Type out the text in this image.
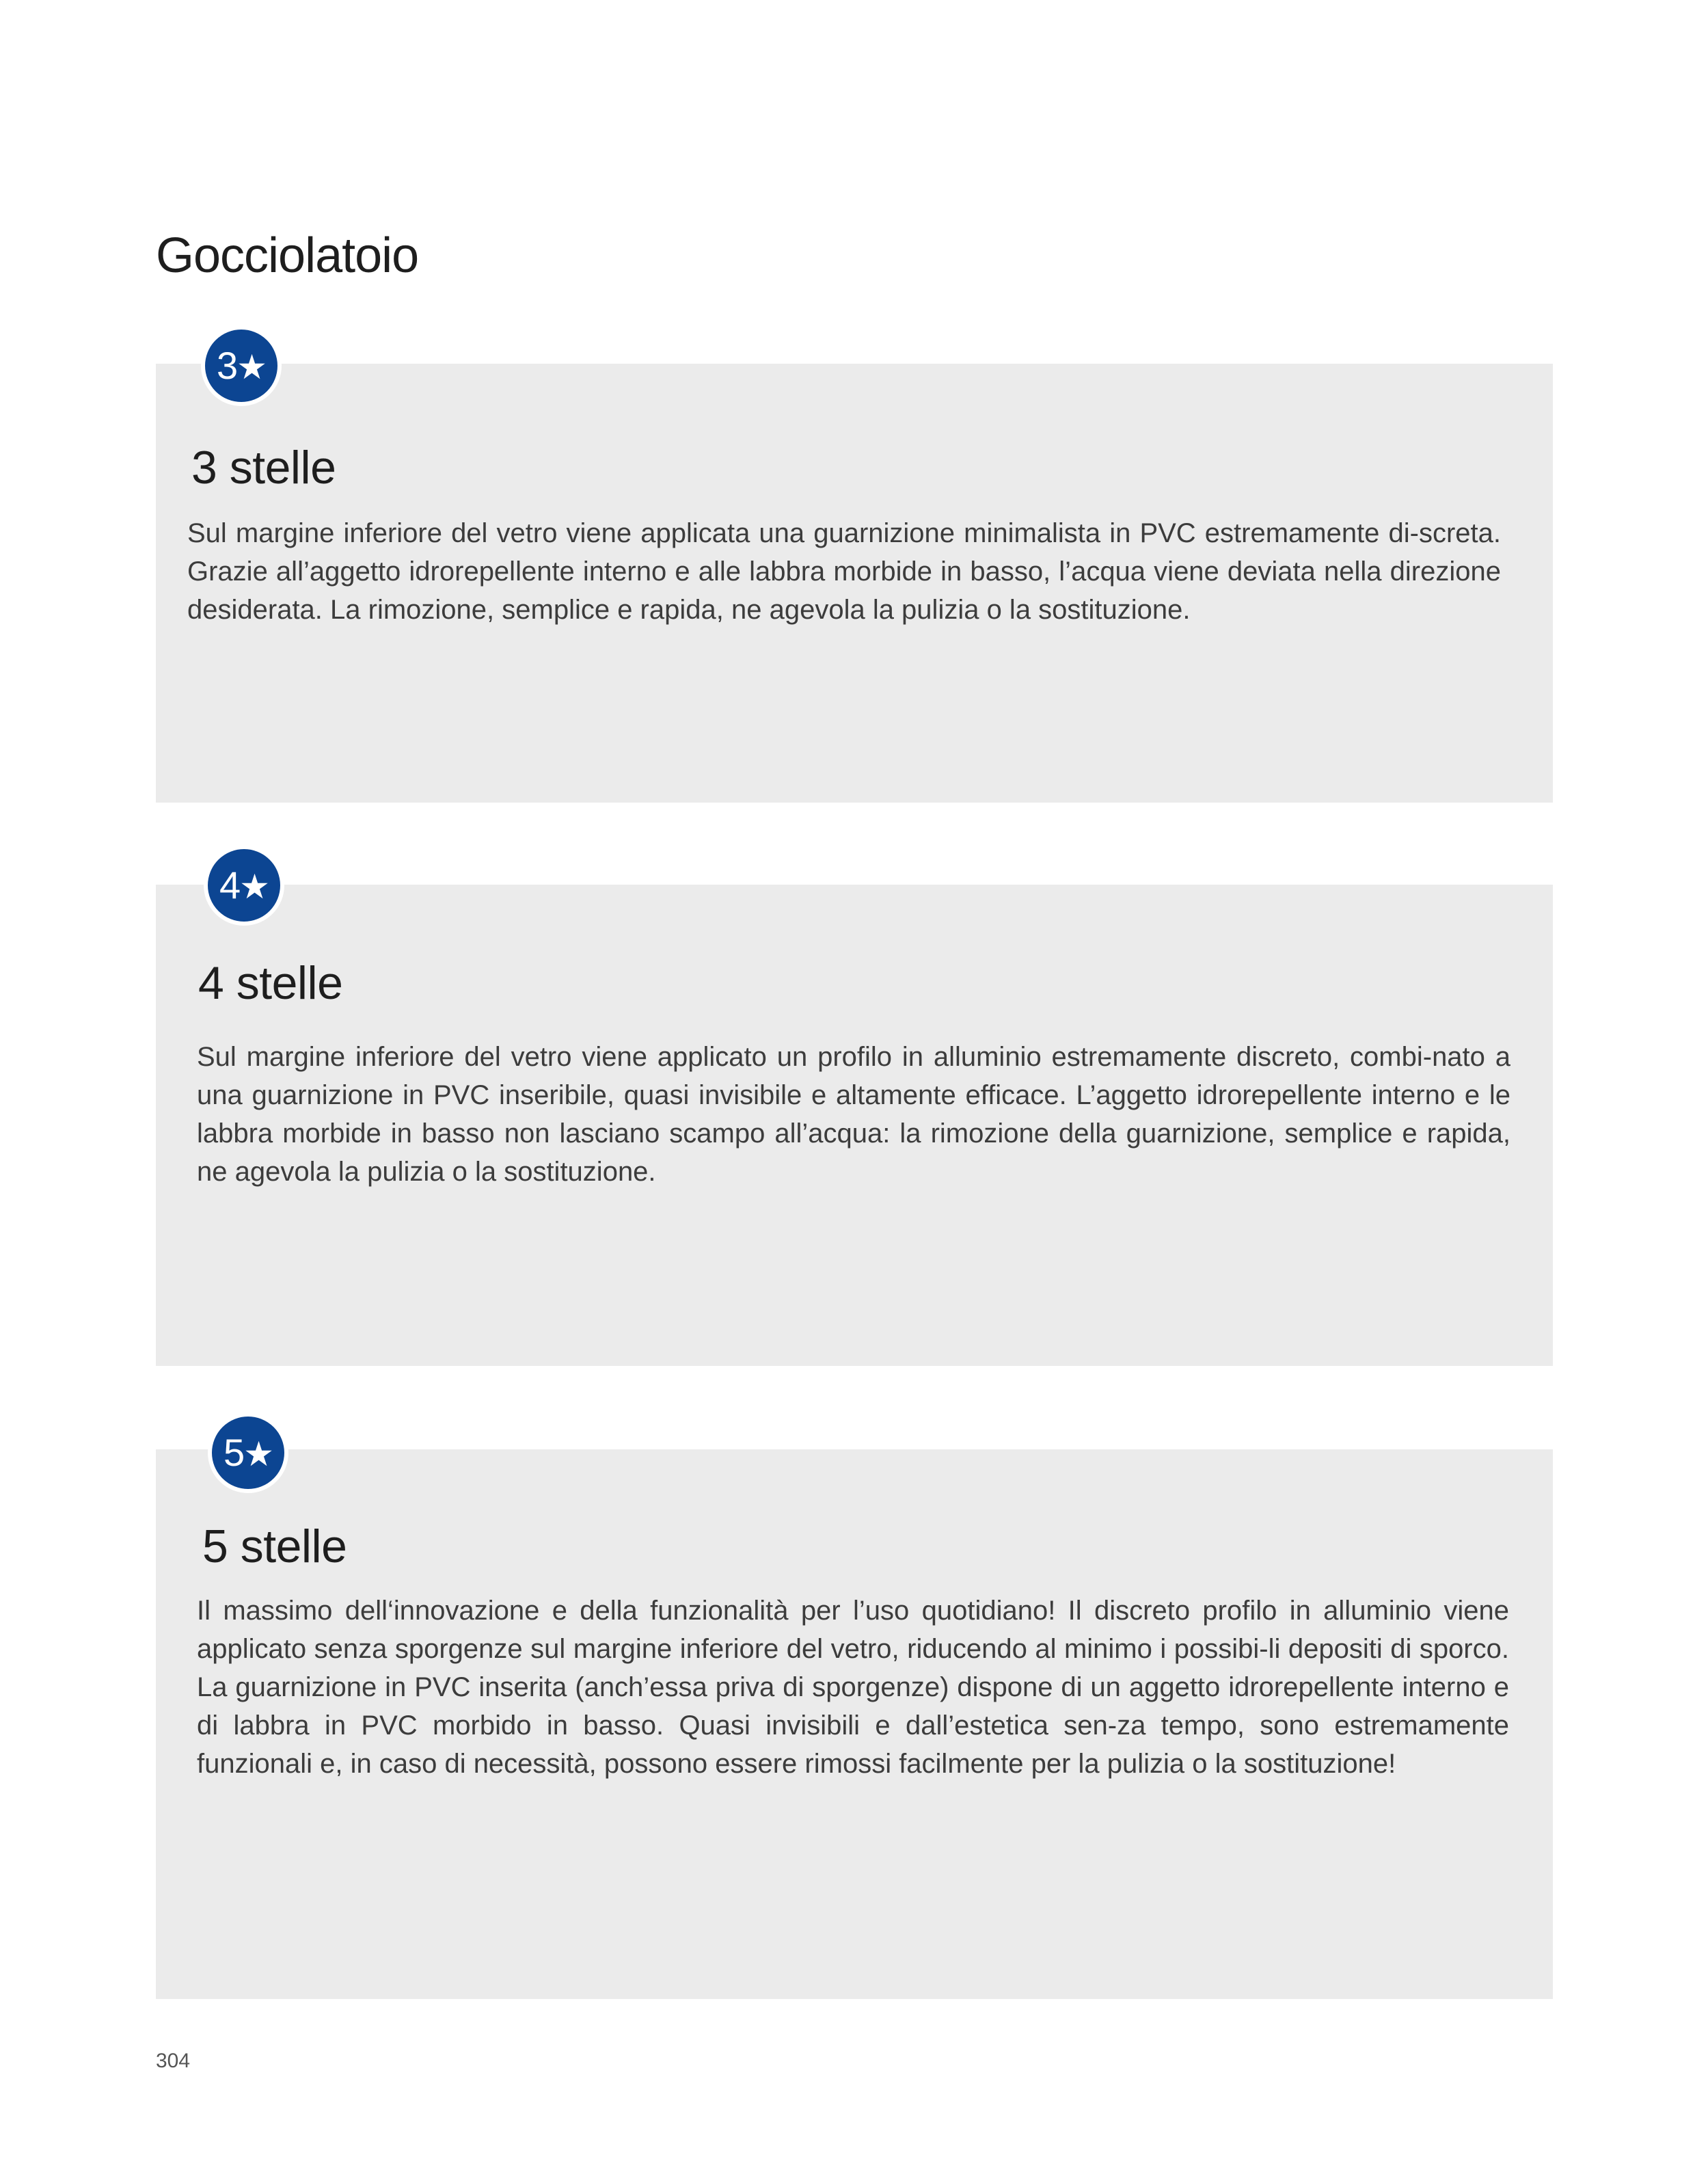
Gocciolatoio
3★
3 stelle

Sul margine inferiore del vetro viene applicata una guarnizione minimalista in PVC estremamente di-screta. Grazie all’aggetto idrorepellente interno e alle labbra morbide in basso, l’acqua viene deviata nella direzione desiderata. La rimozione, semplice e rapida, ne agevola la pulizia o la sostituzione.

4★
4 stelle

Sul margine inferiore del vetro viene applicato un profilo in alluminio estremamente discreto, combi-nato a una guarnizione in PVC inseribile, quasi invisibile e altamente efficace. L’aggetto idrorepellente interno e le labbra morbide in basso non lasciano scampo all’acqua: la rimozione della guarnizione, semplice e rapida, ne agevola la pulizia o la sostituzione.

5★
5 stelle

Il massimo dell‘innovazione e della funzionalità per l’uso quotidiano! Il discreto profilo in alluminio viene applicato senza sporgenze sul margine inferiore del vetro, riducendo al minimo i possibi-li depositi di sporco. La guarnizione in PVC inserita (anch’essa priva di sporgenze) dispone di un aggetto idrorepellente interno e di labbra in PVC morbido in basso. Quasi invisibili e dall’estetica sen-za tempo, sono estremamente funzionali e, in caso di necessità, possono essere rimossi facilmente per la pulizia o la sostituzione!

304
